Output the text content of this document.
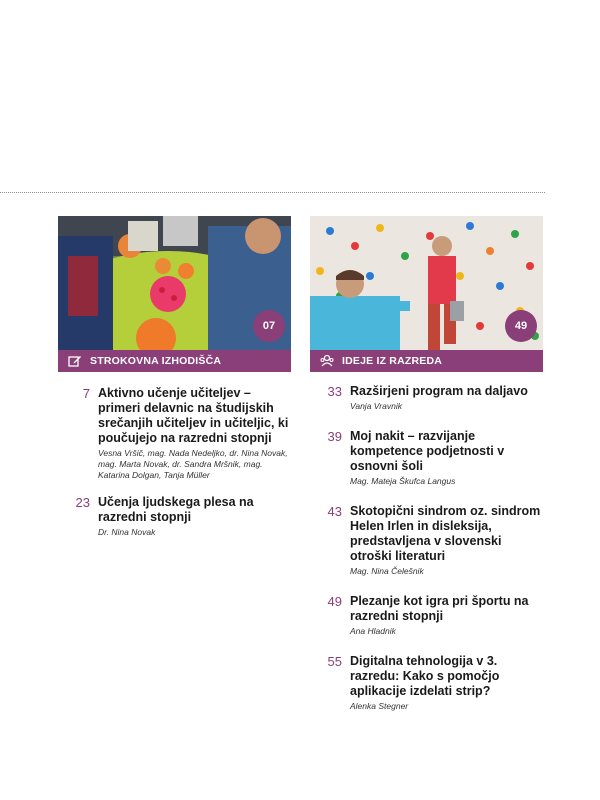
07
STROKOVNA IZHODIŠČA
7 Aktivno učenje učiteljev – primeri delavnic na študijskih srečanjih učiteljev in učiteljic, ki poučujejo na razredni stopnji
Vesna Vršič, mag. Nada Nedeljko, dr. Nina Novak, mag. Marta Novak, dr. Sandra Mršnik, mag. Katarina Dolgan, Tanja Müller
23 Učenja ljudskega plesa na razredni stopnji
Dr. Nina Novak
49
IDEJE IZ RAZREDA
33 Razširjeni program na daljavo
Vanja Vravnik
39 Moj nakit – razvijanje kompetence podjetnosti v osnovni šoli
Mag. Mateja Škufca Langus
43 Skotopični sindrom oz. sindrom Helen Irlen in disleksija, predstavljena v slovenski otroški literaturi
Mag. Nina Čelešnik
49 Plezanje kot igra pri športu na razredni stopnji
Ana Hladnik
55 Digitalna tehnologija v 3. razredu: Kako s pomočjo aplikacije izdelati strip?
Alenka Stegner
